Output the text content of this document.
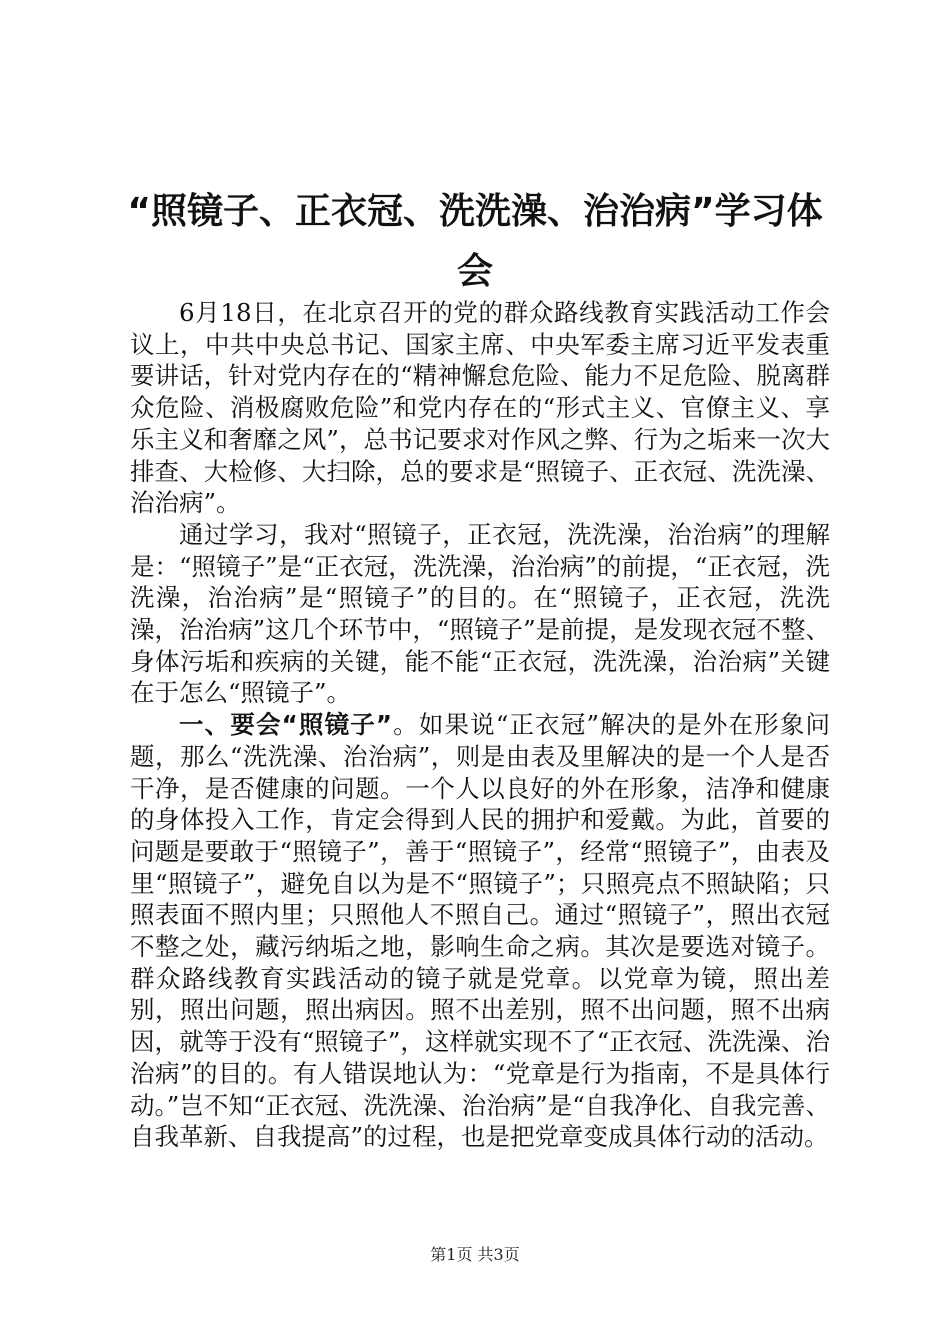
“照镜子、正衣冠、洗洗澡、治治病”学习体会

6月18日，在北京召开的党的群众路线教育实践活动工作会议上，中共中央总书记、国家主席、中央军委主席习近平发表重要讲话，针对党内存在的“精神懈怠危险、能力不足危险、脱离群众危险、消极腐败危险”和党内存在的“形式主义、官僚主义、享乐主义和奢靡之风”，总书记要求对作风之弊、行为之垢来一次大排查、大检修、大扫除，总的要求是“照镜子、正衣冠、洗洗澡、治治病”。

通过学习，我对“照镜子，正衣冠，洗洗澡，治治病”的理解是：“照镜子”是“正衣冠，洗洗澡，治治病”的前提，“正衣冠，洗洗澡，治治病”是“照镜子”的目的。在“照镜子，正衣冠，洗洗澡，治治病”这几个环节中，“照镜子”是前提，是发现衣冠不整、身体污垢和疾病的关键，能不能“正衣冠，洗洗澡，治治病”关键在于怎么“照镜子”。

一、要会“照镜子”。如果说“正衣冠”解决的是外在形象问题，那么“洗洗澡、治治病”，则是由表及里解决的是一个人是否干净，是否健康的问题。一个人以良好的外在形象，洁净和健康的身体投入工作，肯定会得到人民的拥护和爱戴。为此，首要的问题是要敢于“照镜子”，善于“照镜子”，经常“照镜子”，由表及里“照镜子”，避免自以为是不“照镜子”；只照亮点不照缺陷；只照表面不照内里；只照他人不照自己。通过“照镜子”，照出衣冠不整之处，藏污纳垢之地，影响生命之病。其次是要选对镜子。群众路线教育实践活动的镜子就是党章。以党章为镜，照出差别，照出问题，照出病因。照不出差别，照不出问题，照不出病因，就等于没有“照镜子”，这样就实现不了“正衣冠、洗洗澡、治治病”的目的。有人错误地认为：“党章是行为指南，不是具体行动。”岂不知“正衣冠、洗洗澡、治治病”是“自我净化、自我完善、自我革新、自我提高”的过程，也是把党章变成具体行动的活动。

第1页 共3页
